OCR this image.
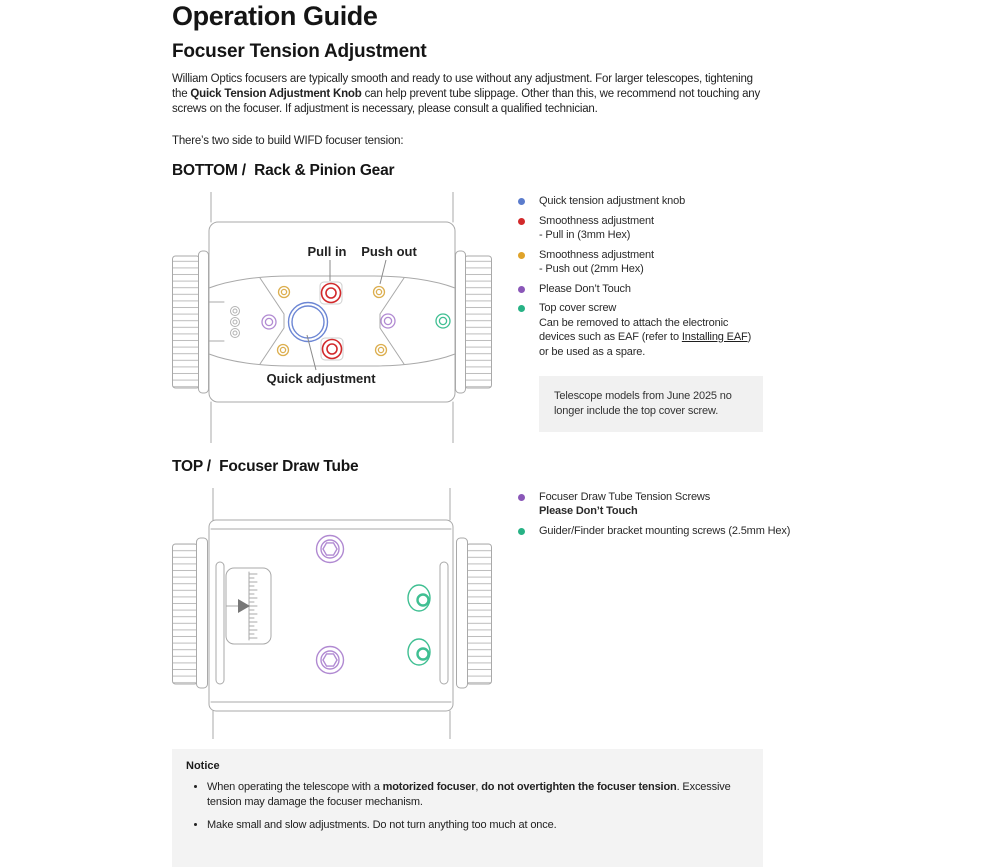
Operation Guide
Focuser Tension Adjustment

William Optics focusers are typically smooth and ready to use without any adjustment. For larger telescopes, tightening the Quick Tension Adjustment Knob can help prevent tube slippage. Other than this, we recommend not touching any screws on the focuser. If adjustment is necessary, please consult a qualified technician.

There’s two side to build WIFD focuser tension:

BOTTOM /  Rack & Pinion Gear
Pull in Push out
Quick adjustment
Quick tension adjustment knob
Smoothness adjustment
- Pull in (3mm Hex)
Smoothness adjustment
- Push out (2mm Hex)
Please Don’t Touch
Top cover screw
Can be removed to attach the electronic devices such as EAF (refer to Installing EAF) or be used as a spare.
Telescope models from June 2025 no longer include the top cover screw.
TOP /  Focuser Draw Tube
Focuser Draw Tube Tension Screws
Please Don’t Touch
Guider/Finder bracket mounting screws (2.5mm Hex)
Notice
• When operating the telescope with a motorized focuser, do not overtighten the focuser tension. Excessive tension may damage the focuser mechanism.
• Make small and slow adjustments. Do not turn anything too much at once.
